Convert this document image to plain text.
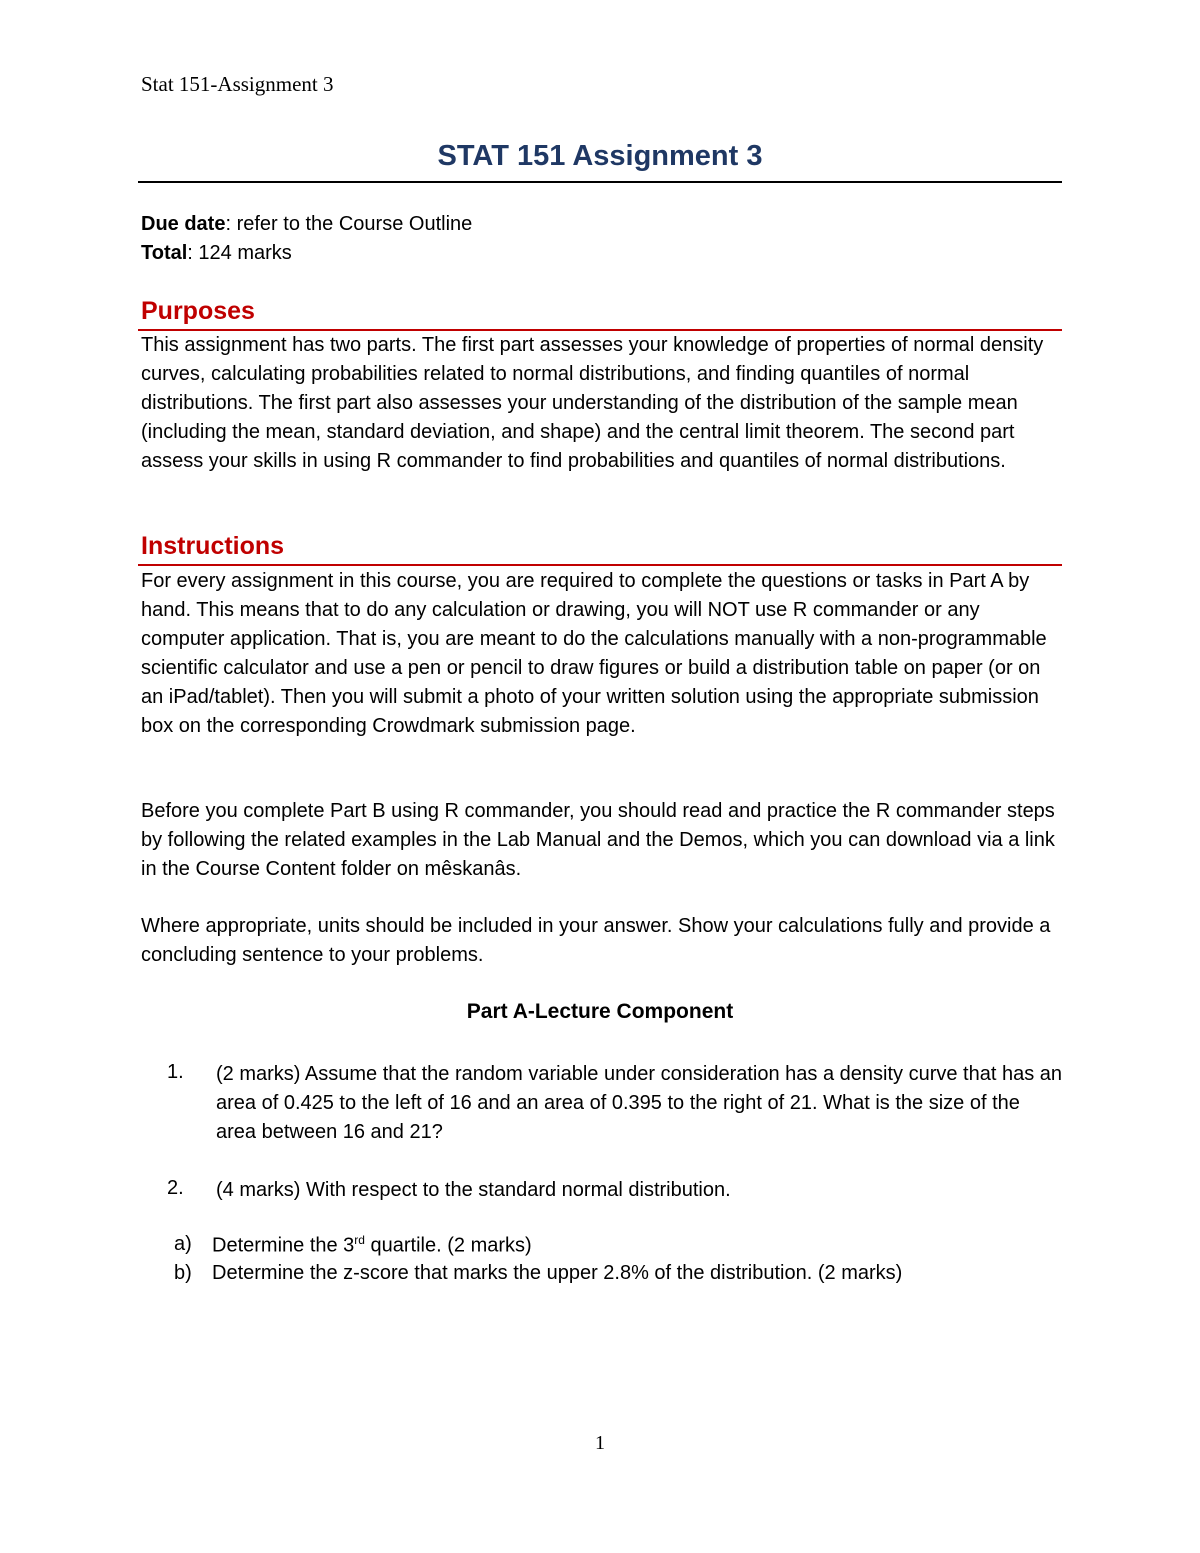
Stat 151-Assignment 3
STAT 151 Assignment 3
Due date: refer to the Course Outline
Total: 124 marks
Purposes
This assignment has two parts. The first part assesses your knowledge of properties of normal density curves, calculating probabilities related to normal distributions, and finding quantiles of normal distributions. The first part also assesses your understanding of the distribution of the sample mean (including the mean, standard deviation, and shape) and the central limit theorem. The second part assess your skills in using R commander to find probabilities and quantiles of normal distributions.
Instructions
For every assignment in this course, you are required to complete the questions or tasks in Part A by hand. This means that to do any calculation or drawing, you will NOT use R commander or any computer application. That is, you are meant to do the calculations manually with a non-programmable scientific calculator and use a pen or pencil to draw figures or build a distribution table on paper (or on an iPad/tablet). Then you will submit a photo of your written solution using the appropriate submission box on the corresponding Crowdmark submission page.
Before you complete Part B using R commander, you should read and practice the R commander steps by following the related examples in the Lab Manual and the Demos, which you can download via a link in the Course Content folder on mêskanâs.
Where appropriate, units should be included in your answer. Show your calculations fully and provide a concluding sentence to your problems.
Part A-Lecture Component
1. (2 marks) Assume that the random variable under consideration has a density curve that has an area of 0.425 to the left of 16 and an area of 0.395 to the right of 21. What is the size of the area between 16 and 21?
2. (4 marks) With respect to the standard normal distribution.
a) Determine the 3rd quartile. (2 marks)
b) Determine the z-score that marks the upper 2.8% of the distribution. (2 marks)
1
